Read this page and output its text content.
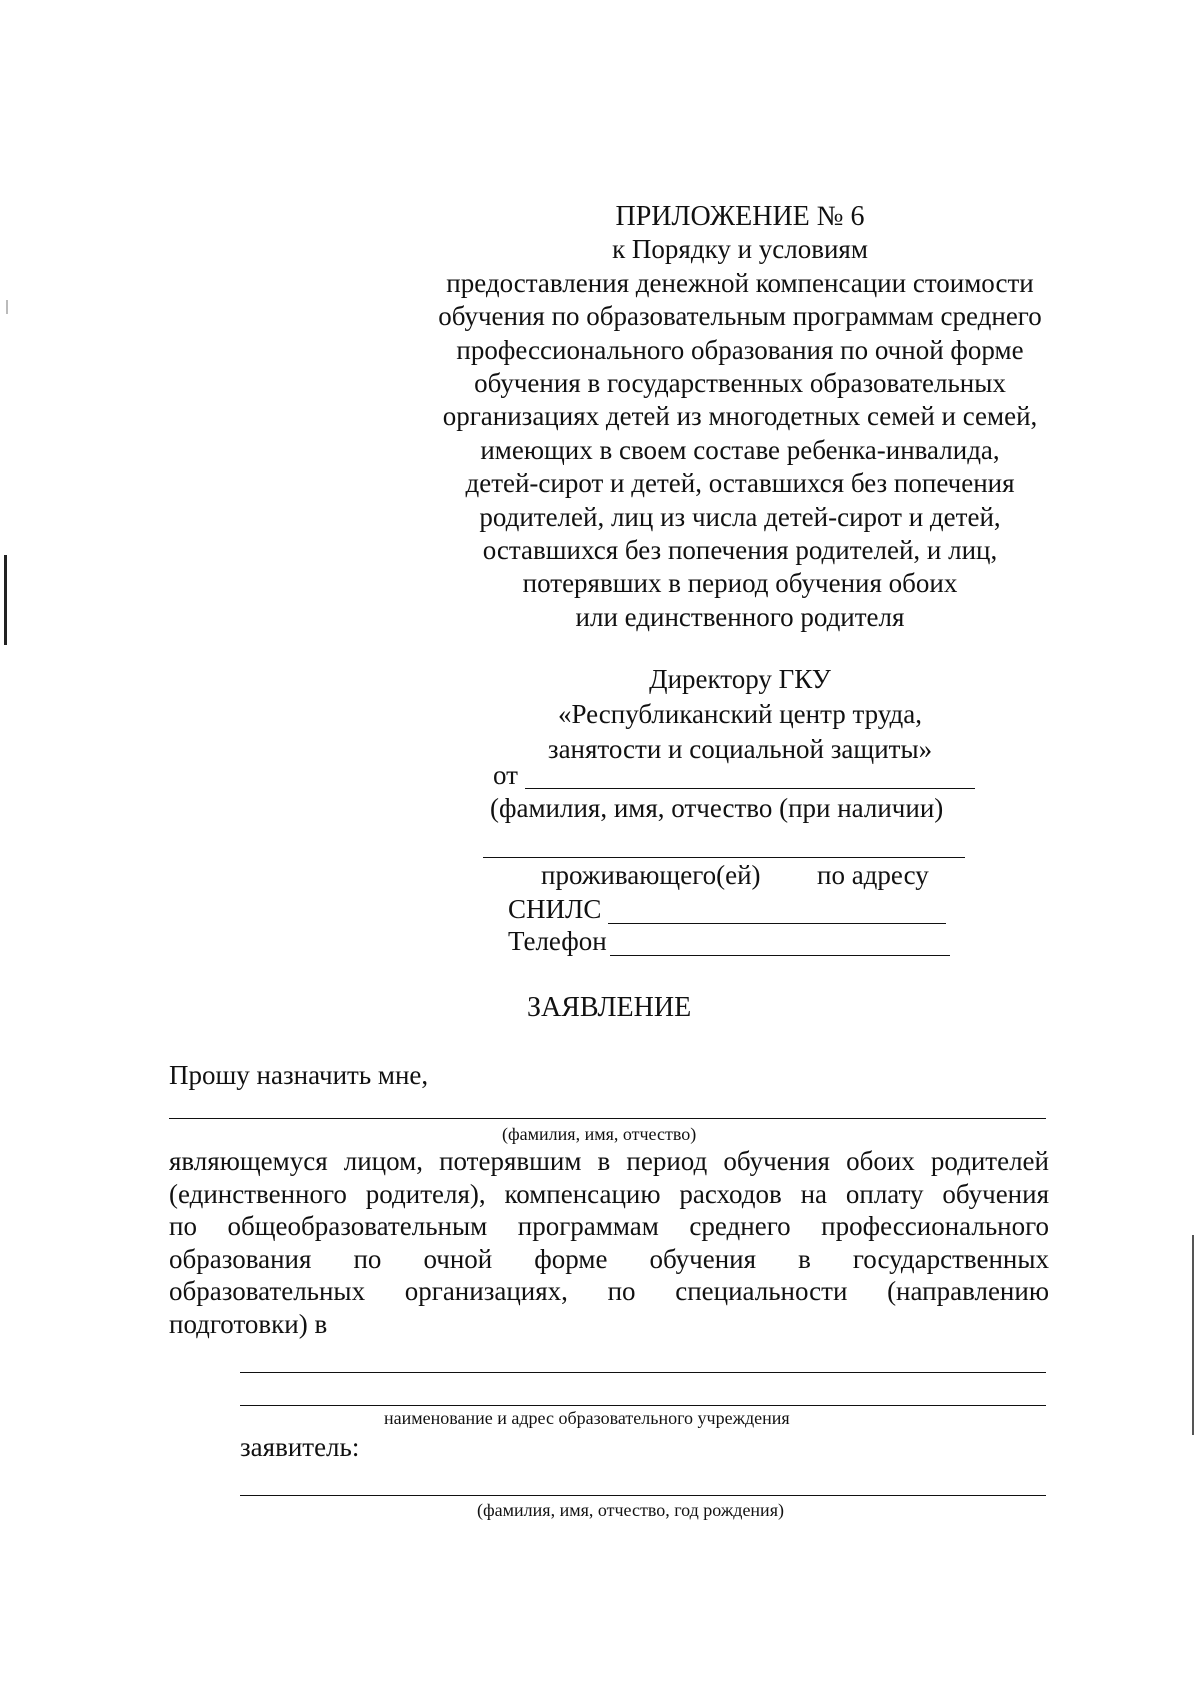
ПРИЛОЖЕНИЕ № 6
к Порядку и условиям
предоставления денежной компенсации стоимости
обучения по образовательным программам среднего
профессионального образования по очной форме
обучения в государственных образовательных
организациях детей из многодетных семей и семей,
имеющих в своем составе ребенка-инвалида,
детей-сирот и детей, оставшихся без попечения
родителей, лиц из числа детей-сирот и детей,
оставшихся без попечения родителей, и лиц,
потерявших в период обучения обоих
или единственного родителя
Директору ГКУ
«Республиканский центр труда,
занятости и социальной защиты»
от
(фамилия, имя, отчество (при наличии)
проживающего(ей) по адресу
СНИЛС
Телефон
ЗАЯВЛЕНИЕ
Прошу назначить мне,
(фамилия, имя, отчество)
являющемуся лицом, потерявшим в период обучения обоих родителей
(единственного родителя), компенсацию расходов на оплату обучения
по общеобразовательным программам среднего профессионального
образования по очной форме обучения в государственных
образовательных организациях, по специальности (направлению
подготовки) в
наименование и адрес образовательного учреждения
заявитель:
(фамилия, имя, отчество, год рождения)
